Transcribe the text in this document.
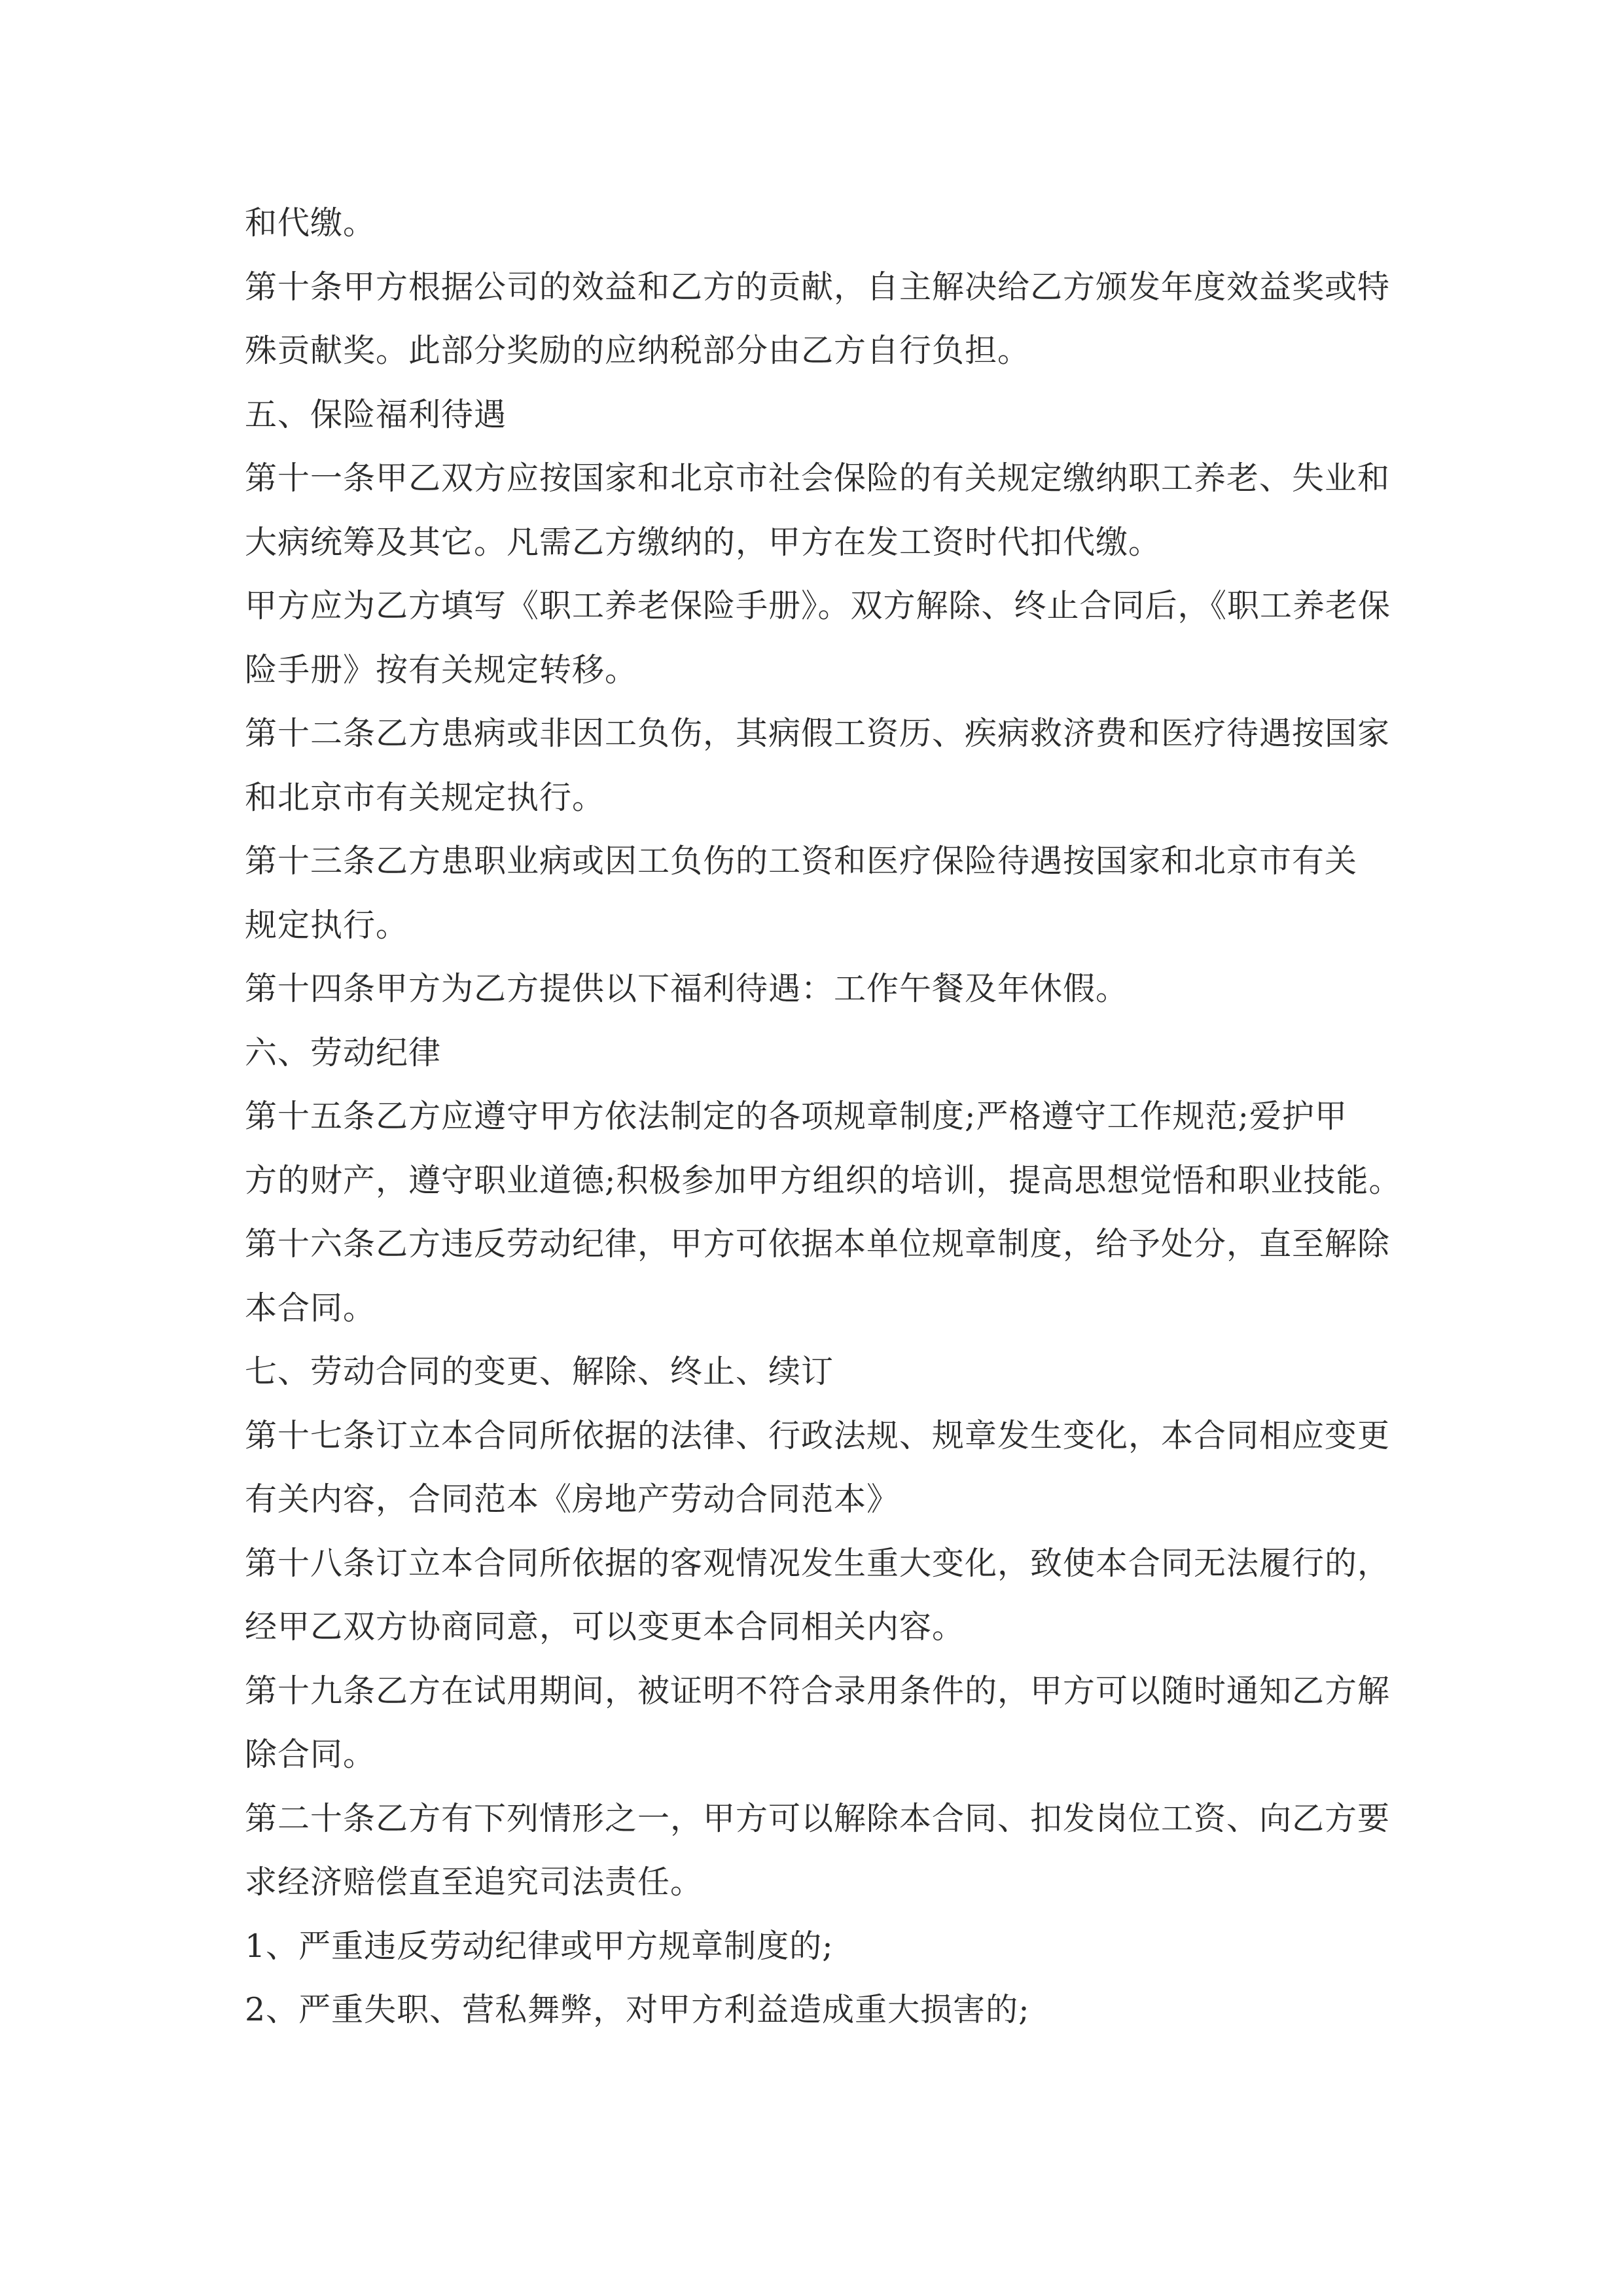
和代缴。
第十条甲方根据公司的效益和乙方的贡献，自主解决给乙方颁发年度效益奖或特
殊贡献奖。此部分奖励的应纳税部分由乙方自行负担。
五、保险福利待遇
第十一条甲乙双方应按国家和北京市社会保险的有关规定缴纳职工养老、失业和
大病统筹及其它。凡需乙方缴纳的，甲方在发工资时代扣代缴。
甲方应为乙方填写《职工养老保险手册》。双方解除、终止合同后，《职工养老保
险手册》按有关规定转移。
第十二条乙方患病或非因工负伤，其病假工资历、疾病救济费和医疗待遇按国家
和北京市有关规定执行。
第十三条乙方患职业病或因工负伤的工资和医疗保险待遇按国家和北京市有关
规定执行。
第十四条甲方为乙方提供以下福利待遇：工作午餐及年休假。
六、劳动纪律
第十五条乙方应遵守甲方依法制定的各项规章制度;严格遵守工作规范;爱护甲
方的财产，遵守职业道德;积极参加甲方组织的培训，提高思想觉悟和职业技能。
第十六条乙方违反劳动纪律，甲方可依据本单位规章制度，给予处分，直至解除
本合同。
七、劳动合同的变更、解除、终止、续订
第十七条订立本合同所依据的法律、行政法规、规章发生变化，本合同相应变更
有关内容，合同范本《房地产劳动合同范本》
第十八条订立本合同所依据的客观情况发生重大变化，致使本合同无法履行的，
经甲乙双方协商同意，可以变更本合同相关内容。
第十九条乙方在试用期间，被证明不符合录用条件的，甲方可以随时通知乙方解
除合同。
第二十条乙方有下列情形之一，甲方可以解除本合同、扣发岗位工资、向乙方要
求经济赔偿直至追究司法责任。
1、严重违反劳动纪律或甲方规章制度的;
2、严重失职、营私舞弊，对甲方利益造成重大损害的;
